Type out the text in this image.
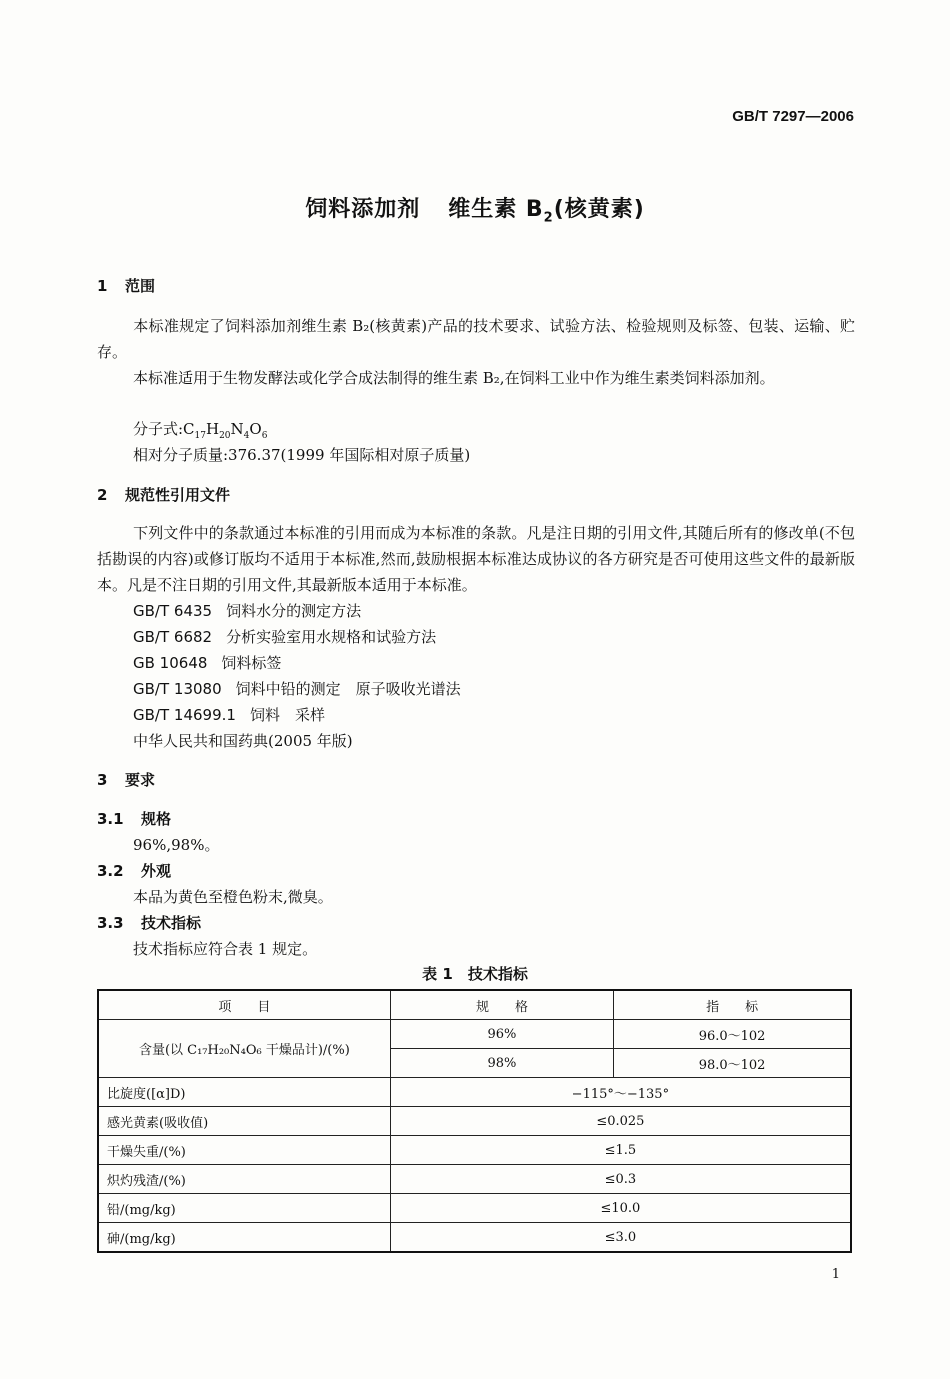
GB/T 7297—2006
饲料添加剂 维生素 $B_2$(核黄素)
1 范围
本标准规定了饲料添加剂维生素 B₂(核黄素)产品的技术要求、试验方法、检验规则及标签、包装、运输、贮存。
本标准适用于生物发酵法或化学合成法制得的维生素 B₂,在饲料工业中作为维生素类饲料添加剂。
分子式$:C_{17}H_{20}N_4O_6$
相对分子质量:376.37(1999 年国际相对原子质量)
2 规范性引用文件
下列文件中的条款通过本标准的引用而成为本标准的条款。凡是注日期的引用文件,其随后所有的修改单(不包括勘误的内容)或修订版均不适用于本标准,然而,鼓励根据本标准达成协议的各方研究是否可使用这些文件的最新版本。凡是不注日期的引用文件,其最新版本适用于本标准。
GB/T 6435 饲料水分的测定方法
GB/T 6682 分析实验室用水规格和试验方法
GB 10648 饲料标签
GB/T 13080 饲料中铅的测定　原子吸收光谱法
GB/T 14699.1 饲料　采样
中华人民共和国药典(2005 年版)
3 要求
3.1 规格
96%,98%。
3.2 外观
本品为黄色至橙色粉末,微臭。
3.3 技术指标
技术指标应符合表 1 规定。
表 1　技术指标
项　　目	规　　格	指　　标
含量(以 C₁₇H₂₀N₄O₆ 干燥品计)/(%)	96%	96.0～102
	98%	98.0～102
比旋度([α]D)	−115°～−135°	
感光黄素(吸收值)	≤0.025	
干燥失重/(%)	≤1.5	
炽灼残渣/(%)	≤0.3	
铅/(mg/kg)	≤10.0	
砷/(mg/kg)	≤3.0	
1
